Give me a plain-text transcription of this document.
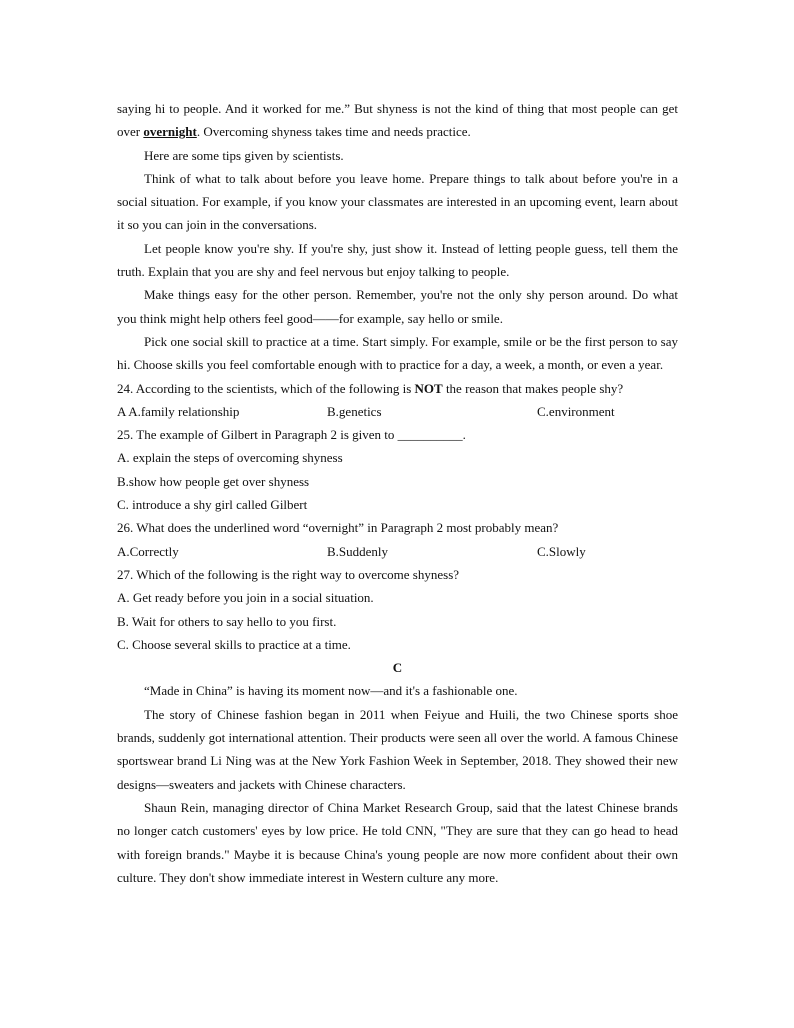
saying hi to people. And it worked for me.” But shyness is not the kind of thing that most people can get over overnight. Overcoming shyness takes time and needs practice.

Here are some tips given by scientists.

Think of what to talk about before you leave home. Prepare things to talk about before you're in a social situation. For example, if you know your classmates are interested in an upcoming event, learn about it so you can join in the conversations.

Let people know you're shy. If you're shy, just show it. Instead of letting people guess, tell them the truth. Explain that you are shy and feel nervous but enjoy talking to people.

Make things easy for the other person. Remember, you're not the only shy person around. Do what you think might help others feel good——for example, say hello or smile.

Pick one social skill to practice at a time. Start simply. For example, smile or be the first person to say hi. Choose skills you feel comfortable enough with to practice for a day, a week, a month, or even a year.

24. According to the scientists, which of the following is NOT the reason that makes people shy?

A A.family relationship	B.genetics	C.environment

25. The example of Gilbert in Paragraph 2 is given to __________.

A. explain the steps of overcoming shyness

B.show how people get over shyness

C. introduce a shy girl called Gilbert

26. What does the underlined word “overnight” in Paragraph 2 most probably mean?

A.Correctly	B.Suddenly	C.Slowly

27. Which of the following is the right way to overcome shyness?

A. Get ready before you join in a social situation.

B. Wait for others to say hello to you first.

C. Choose several skills to practice at a time.

C

“Made in China” is having its moment now—and it's a fashionable one.

The story of Chinese fashion began in 2011 when Feiyue and Huili, the two Chinese sports shoe brands, suddenly got international attention. Their products were seen all over the world. A famous Chinese sportswear brand Li Ning was at the New York Fashion Week in September, 2018. They showed their new designs—sweaters and jackets with Chinese characters.

Shaun Rein, managing director of China Market Research Group, said that the latest Chinese brands no longer catch customers' eyes by low price. He told CNN, "They are sure that they can go head to head with foreign brands." Maybe it is because China's young people are now more confident about their own culture. They don't show immediate interest in Western culture any more.
